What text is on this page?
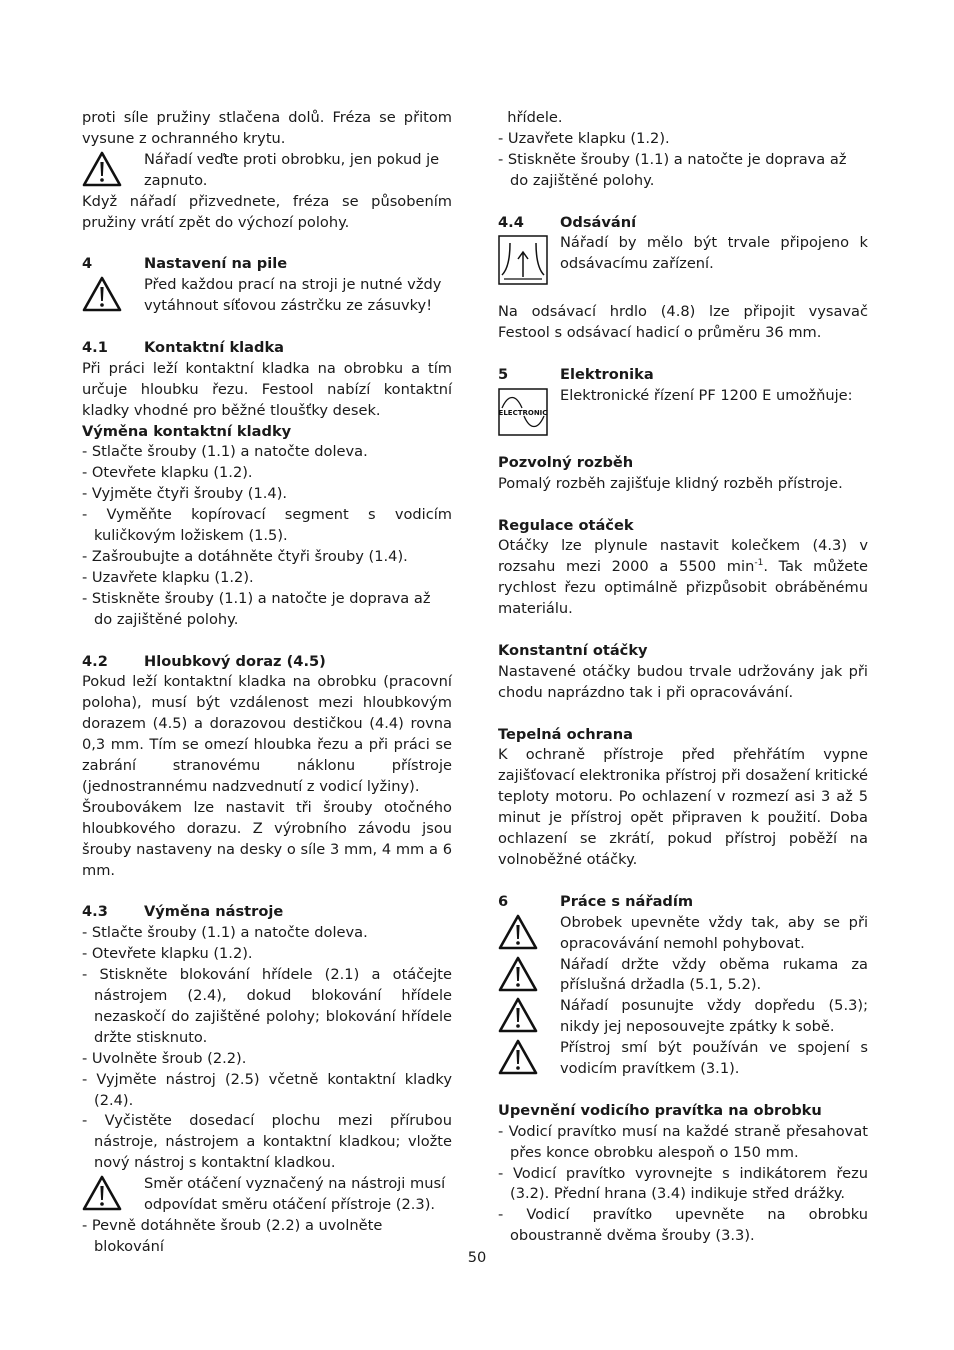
proti síle pružiny stlačena dolů. Fréza se přitom vysune z ochranného krytu.

Nářadí veďte proti obrobku, jen pokud je zapnuto.

Když nářadí přizvednete, fréza se působením pružiny vrátí zpět do výchozí polohy.

4	Nastavení na pile
Před každou prací na stroji je nutné vždy vytáhnout síťovou zástrčku ze zásuvky!
4.1	Kontaktní kladka

Při práci leží kontaktní kladka na obrobku a tím určuje hloubku řezu. Festool nabízí kontaktní kladky vhodné pro běžné tloušťky desek.

Výměna kontaktní kladky

- Stlačte šrouby (1.1) a natočte doleva.

- Otevřete klapku (1.2).

- Vyjměte čtyři šrouby (1.4).

- Vyměňte kopírovací segment s vodicím kuličkovým ložiskem (1.5).

- Zašroubujte a dotáhněte čtyři šrouby (1.4).

- Uzavřete klapku (1.2).

- Stiskněte šrouby (1.1) a natočte je doprava až do zajištěné polohy.

4.2	Hloubkový doraz (4.5)

Pokud leží kontaktní kladka na obrobku (pracovní poloha), musí být vzdálenost mezi hloubkovým dorazem (4.5) a dorazovou destičkou (4.4) rovna 0,3 mm. Tím se omezí hloubka řezu a při práci se zabrání stranovému náklonu přístroje (jednostrannému nadzvednutí z vodicí lyžiny).

Šroubovákem lze nastavit tři šrouby otočného hloubkového dorazu. Z výrobního závodu jsou šrouby nastaveny na desky o síle 3 mm, 4 mm a 6 mm.

4.3	Výměna nástroje

- Stlačte šrouby (1.1) a natočte doleva.

- Otevřete klapku (1.2).

- Stiskněte blokování hřídele (2.1) a otáčejte nástrojem (2.4), dokud blokování hřídele nezaskočí do zajištěné polohy; blokování hřídele držte stisknuto.

- Uvolněte šroub (2.2).

- Vyjměte nástroj (2.5) včetně kontaktní kladky (2.4).

- Vyčistěte dosedací plochu mezi přírubou nástroje, nástrojem a kontaktní kladkou; vložte nový nástroj s kontaktní kladkou.

Směr otáčení vyznačený na nástroji musí odpovídat směru otáčení přístroje (2.3).

- Pevně dotáhněte šroub (2.2) a uvolněte blokování

hřídele.

- Uzavřete klapku (1.2).

- Stiskněte šrouby (1.1) a natočte je doprava až do zajištěné polohy.

4.4	Odsávání
Nářadí by mělo být trvale připojeno k odsávacímu zařízení.

Na odsávací hrdlo (4.8) lze připojit vysavač Festool s odsávací hadicí o průměru 36 mm.

5	Elektronika
ELECTRONIC
Elektronické řízení PF 1200 E umožňuje:

Pozvolný rozběh

Pomalý rozběh zajišťuje klidný rozběh přístroje.

Regulace otáček

Otáčky lze plynule nastavit kolečkem (4.3) v rozsahu mezi 2000 a 5500 $\min^{-1}$. Tak můžete rychlost řezu optimálně přizpůsobit obráběnému materiálu.

Konstantní otáčky

Nastavené otáčky budou trvale udržovány jak při chodu naprázdno tak i při opracovávání.

Tepelná ochrana

K ochraně přístroje před přehřátím vypne zajišťovací elektronika přístroj při dosažení kritické teploty motoru. Po ochlazení v rozmezí asi 3 až 5 minut je přístroj opět připraven k použití. Doba ochlazení se zkrátí, pokud přístroj poběží na volnoběžné otáčky.

6	Práce s nářadím
Obrobek upevněte vždy tak, aby se při opracovávání nemohl pohybovat.
Nářadí držte vždy oběma rukama za příslušná držadla (5.1, 5.2).
Nářadí posunujte vždy dopředu (5.3); nikdy jej neposouvejte zpátky k sobě.
Přístroj smí být používán ve spojení s vodicím pravítkem (3.1).

Upevnění vodicího pravítka na obrobku

- Vodicí pravítko musí na každé straně přesahovat přes konce obrobku alespoň o 150 mm.

- Vodicí pravítko vyrovnejte s indikátorem řezu (3.2). Přední hrana (3.4) indikuje střed drážky.

- Vodicí pravítko upevněte na obrobku oboustranně dvěma šrouby (3.3).

50
